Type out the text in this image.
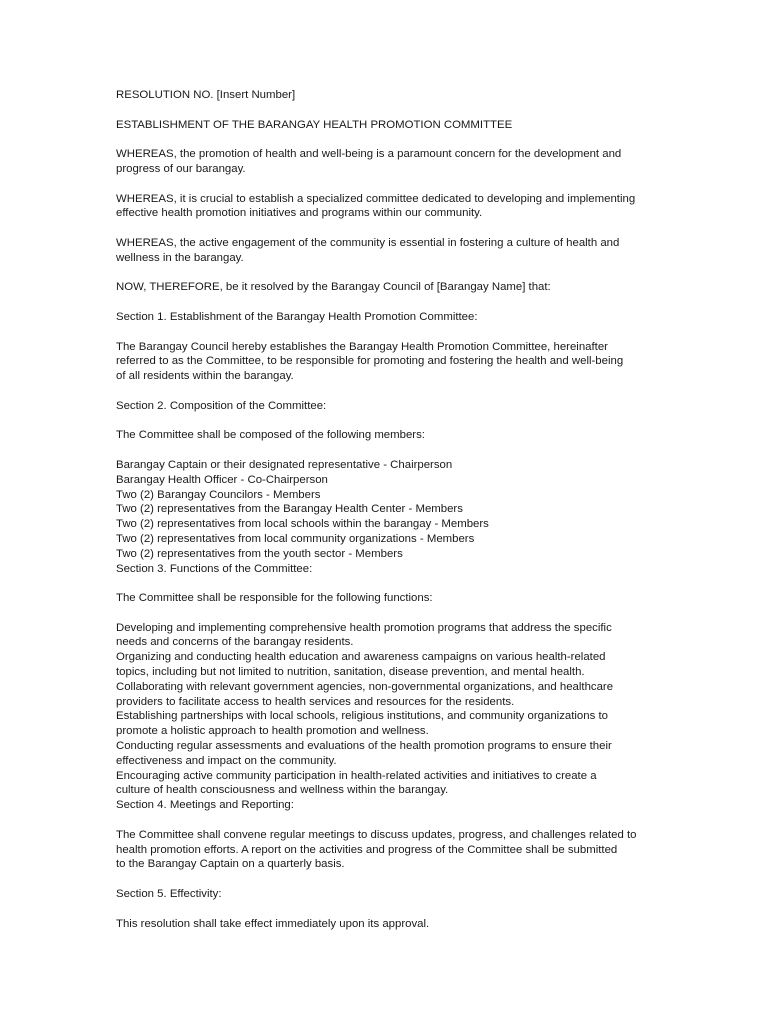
RESOLUTION NO. [Insert Number]
ESTABLISHMENT OF THE BARANGAY HEALTH PROMOTION COMMITTEE
WHEREAS, the promotion of health and well-being is a paramount concern for the development and
progress of our barangay.
WHEREAS, it is crucial to establish a specialized committee dedicated to developing and implementing
effective health promotion initiatives and programs within our community.
WHEREAS, the active engagement of the community is essential in fostering a culture of health and
wellness in the barangay.
NOW, THEREFORE, be it resolved by the Barangay Council of [Barangay Name] that:
Section 1. Establishment of the Barangay Health Promotion Committee:
The Barangay Council hereby establishes the Barangay Health Promotion Committee, hereinafter
referred to as the Committee, to be responsible for promoting and fostering the health and well-being
of all residents within the barangay.
Section 2. Composition of the Committee:
The Committee shall be composed of the following members:
Barangay Captain or their designated representative - Chairperson
Barangay Health Officer - Co-Chairperson
Two (2) Barangay Councilors - Members
Two (2) representatives from the Barangay Health Center - Members
Two (2) representatives from local schools within the barangay - Members
Two (2) representatives from local community organizations - Members
Two (2) representatives from the youth sector - Members
Section 3. Functions of the Committee:
The Committee shall be responsible for the following functions:
Developing and implementing comprehensive health promotion programs that address the specific
needs and concerns of the barangay residents.
Organizing and conducting health education and awareness campaigns on various health-related
topics, including but not limited to nutrition, sanitation, disease prevention, and mental health.
Collaborating with relevant government agencies, non-governmental organizations, and healthcare
providers to facilitate access to health services and resources for the residents.
Establishing partnerships with local schools, religious institutions, and community organizations to
promote a holistic approach to health promotion and wellness.
Conducting regular assessments and evaluations of the health promotion programs to ensure their
effectiveness and impact on the community.
Encouraging active community participation in health-related activities and initiatives to create a
culture of health consciousness and wellness within the barangay.
Section 4. Meetings and Reporting:
The Committee shall convene regular meetings to discuss updates, progress, and challenges related to
health promotion efforts. A report on the activities and progress of the Committee shall be submitted
to the Barangay Captain on a quarterly basis.
Section 5. Effectivity:
This resolution shall take effect immediately upon its approval.
